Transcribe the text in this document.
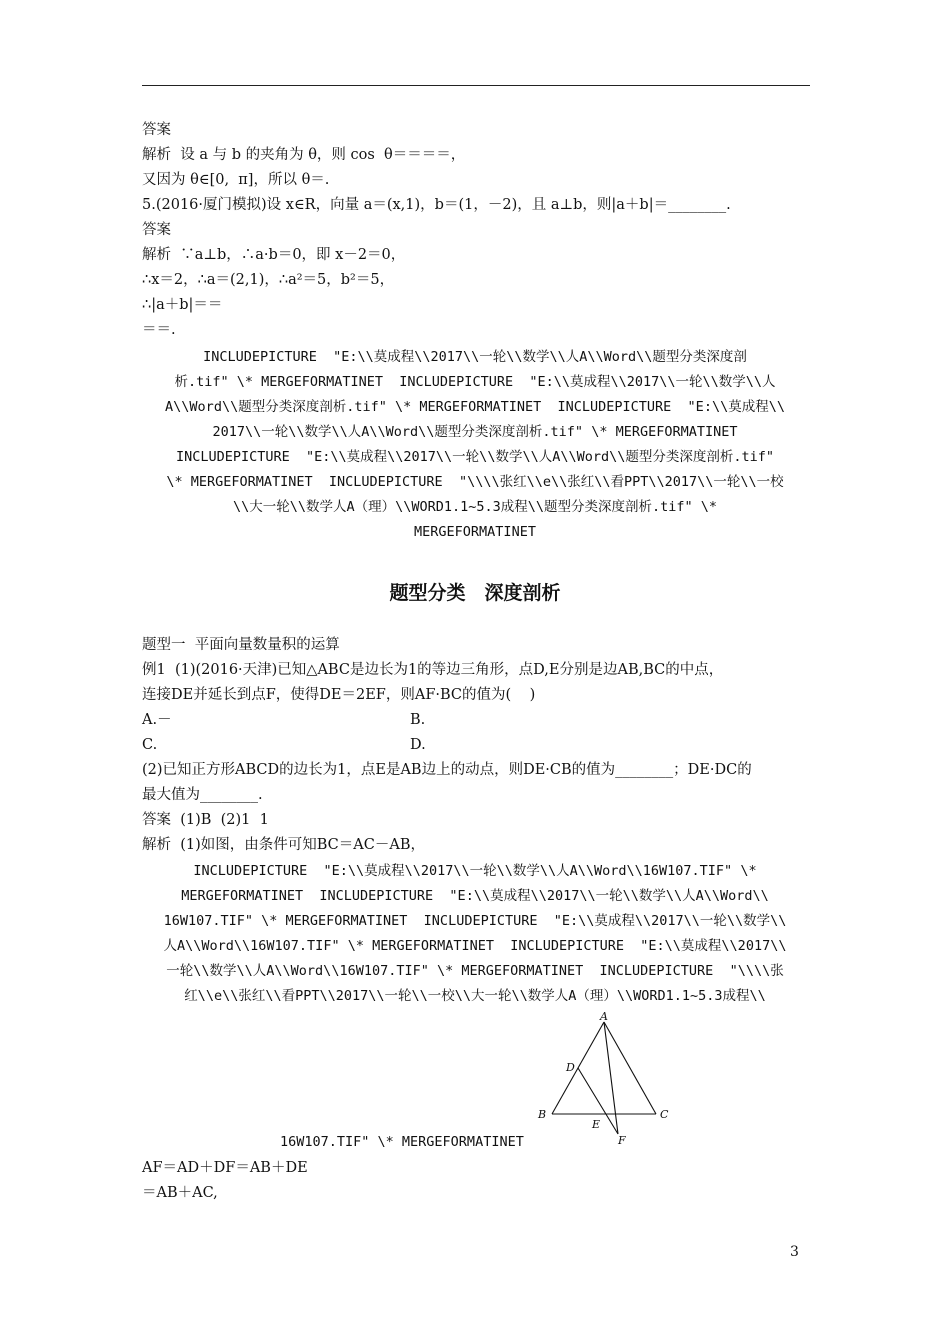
答案
解析  设 a 与 b 的夹角为 θ，则 cos  θ＝＝＝＝，
又因为 θ∈[0,  π]，所以 θ＝.
5.(2016·厦门模拟)设 x∈R，向量 a＝(x,1)，b＝(1，－2)，且 a⊥b，则|a＋b|＝________.
答案
解析  ∵a⊥b，∴a·b＝0，即 x－2＝0，
∴x＝2，∴a＝(2,1)，∴a²＝5，b²＝5，
∴|a＋b|＝＝
＝＝.
INCLUDEPICTURE  "E:\\莫成程\\2017\\一轮\\数学\\人A\\Word\\题型分类深度剖
析.tif" \* MERGEFORMATINET  INCLUDEPICTURE  "E:\\莫成程\\2017\\一轮\\数学\\人
A\\Word\\题型分类深度剖析.tif" \* MERGEFORMATINET  INCLUDEPICTURE  "E:\\莫成程\\
2017\\一轮\\数学\\人A\\Word\\题型分类深度剖析.tif" \* MERGEFORMATINET
INCLUDEPICTURE  "E:\\莫成程\\2017\\一轮\\数学\\人A\\Word\\题型分类深度剖析.tif"
\* MERGEFORMATINET  INCLUDEPICTURE  "\\\\张红\\e\\张红\\看PPT\\2017\\一轮\\一校
\\大一轮\\数学人A（理）\\WORD1.1~5.3成程\\题型分类深度剖析.tif" \*
MERGEFORMATINET
题型分类　深度剖析
题型一  平面向量数量积的运算
例1  (1)(2016·天津)已知△ABC是边长为1的等边三角形，点D,E分别是边AB,BC的中点，
连接DE并延长到点F，使得DE＝2EF，则AF·BC的值为(    )
A.－	B.
C.	D.
(2)已知正方形ABCD的边长为1，点E是AB边上的动点，则DE·CB的值为________；DE·DC的
最大值为________.
答案  (1)B  (2)1  1
解析  (1)如图，由条件可知BC＝AC－AB，
INCLUDEPICTURE  "E:\\莫成程\\2017\\一轮\\数学\\人A\\Word\\16W107.TIF" \*
MERGEFORMATINET  INCLUDEPICTURE  "E:\\莫成程\\2017\\一轮\\数学\\人A\\Word\\
16W107.TIF" \* MERGEFORMATINET  INCLUDEPICTURE  "E:\\莫成程\\2017\\一轮\\数学\\
人A\\Word\\16W107.TIF" \* MERGEFORMATINET  INCLUDEPICTURE  "E:\\莫成程\\2017\\
一轮\\数学\\人A\\Word\\16W107.TIF" \* MERGEFORMATINET  INCLUDEPICTURE  "\\\\张
红\\e\\张红\\看PPT\\2017\\一轮\\一校\\大一轮\\数学人A（理）\\WORD1.1~5.3成程\\
16W107.TIF" \* MERGEFORMATINET
A
B	C
D
E
F
AF＝AD＋DF＝AB＋DE
＝AB＋AC,
3
